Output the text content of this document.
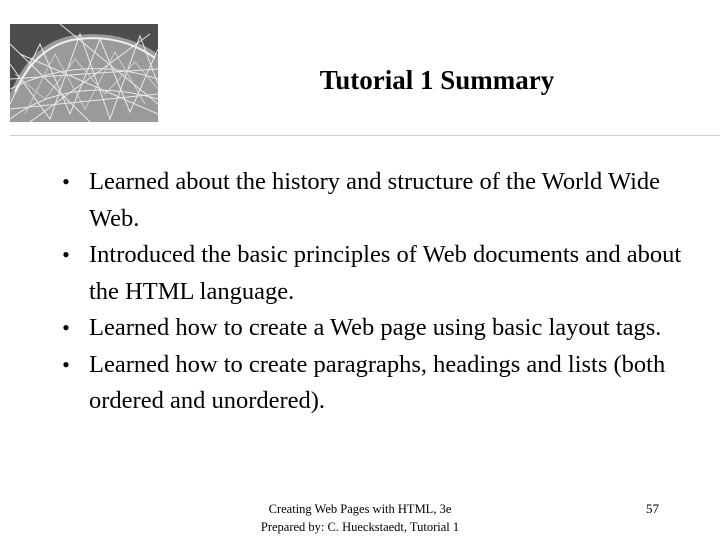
Tutorial 1 Summary
• Learned about the history and structure of the World Wide Web.
• Introduced the basic principles of Web documents and about the HTML language.
• Learned how to create a Web page using basic layout tags.
• Learned how to create paragraphs, headings and lists (both ordered and unordered).
Creating Web Pages with HTML, 3e
Prepared by: C. Hueckstaedt, Tutorial 1
57
